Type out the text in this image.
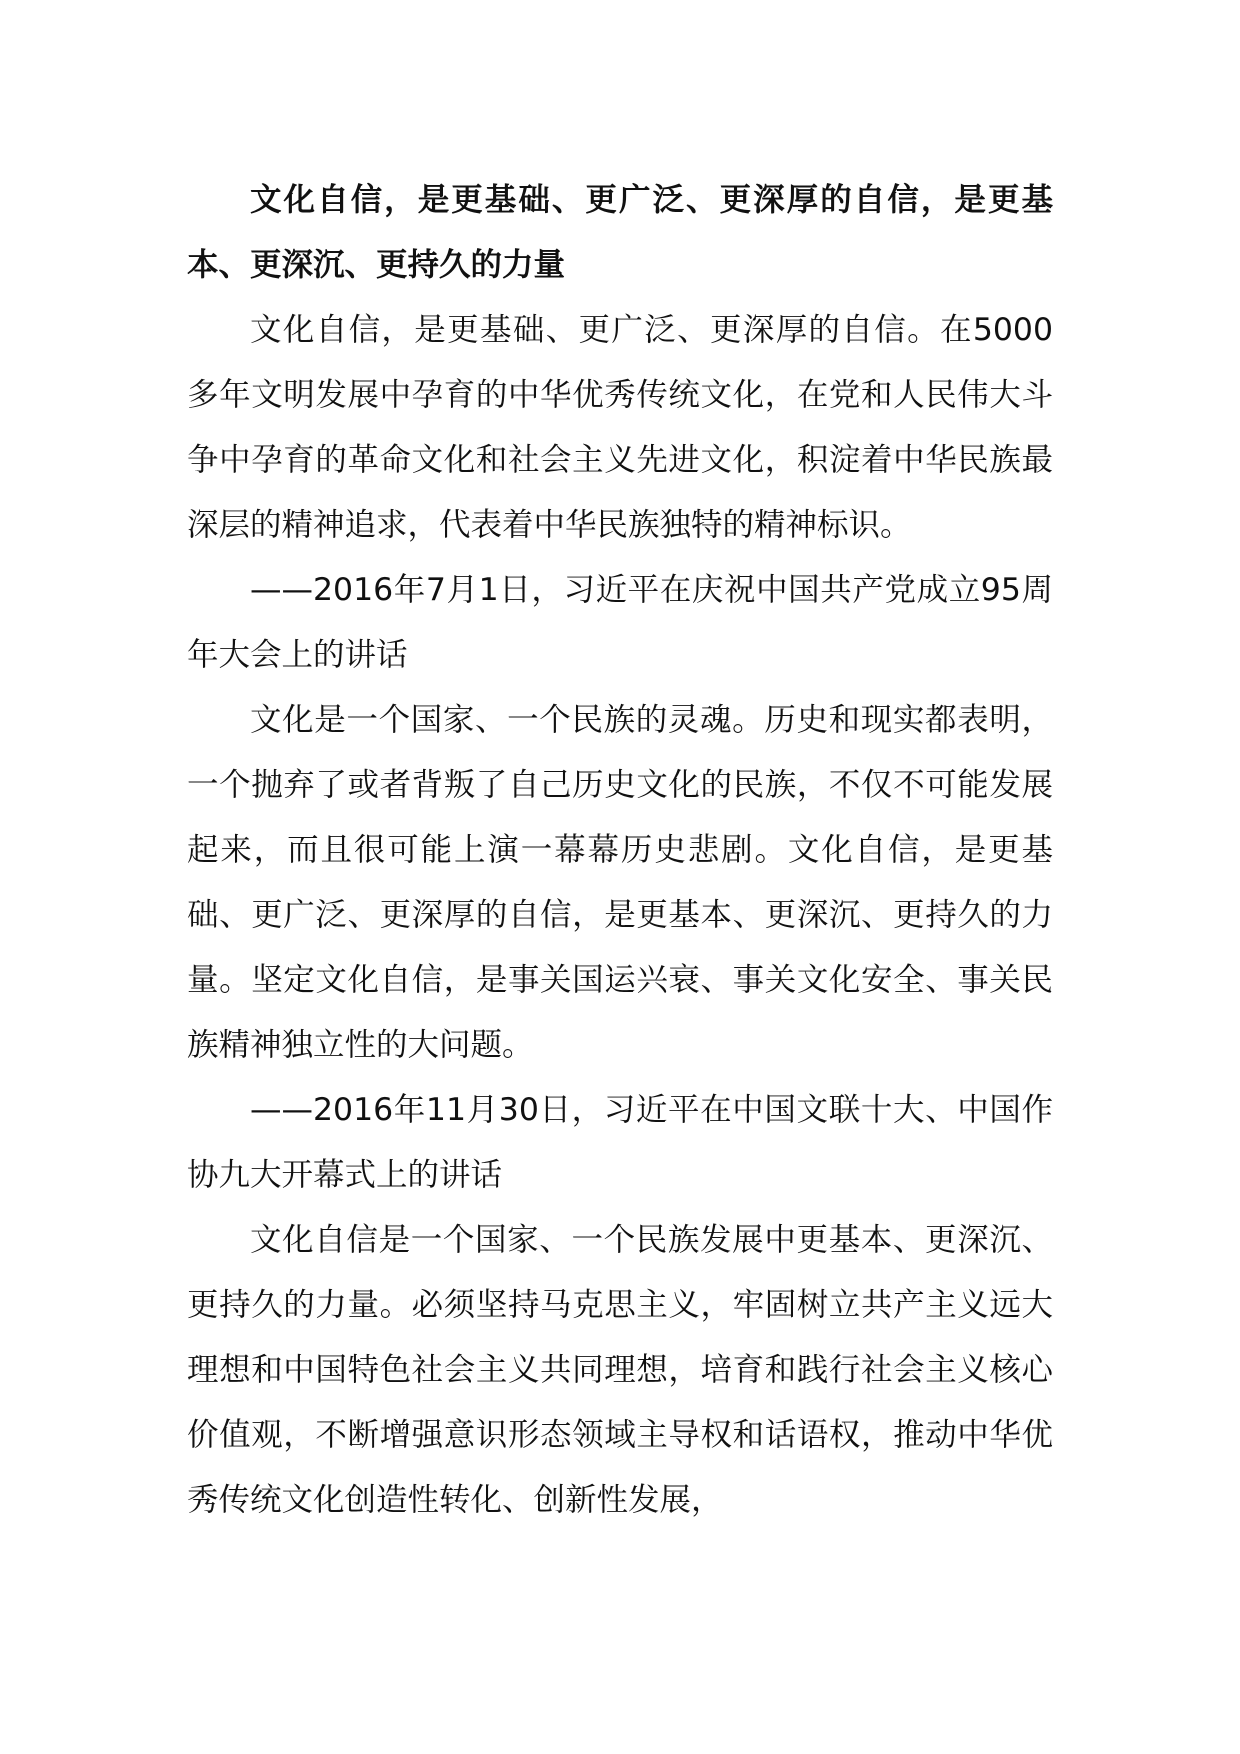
文化自信，是更基础、更广泛、更深厚的自信，是更基本、更深沉、更持久的力量

文化自信，是更基础、更广泛、更深厚的自信。在5000多年文明发展中孕育的中华优秀传统文化，在党和人民伟大斗争中孕育的革命文化和社会主义先进文化，积淀着中华民族最深层的精神追求，代表着中华民族独特的精神标识。

——2016年7月1日，习近平在庆祝中国共产党成立95周年大会上的讲话

文化是一个国家、一个民族的灵魂。历史和现实都表明，一个抛弃了或者背叛了自己历史文化的民族，不仅不可能发展起来，而且很可能上演一幕幕历史悲剧。文化自信，是更基础、更广泛、更深厚的自信，是更基本、更深沉、更持久的力量。坚定文化自信，是事关国运兴衰、事关文化安全、事关民族精神独立性的大问题。

——2016年11月30日，习近平在中国文联十大、中国作协九大开幕式上的讲话

文化自信是一个国家、一个民族发展中更基本、更深沉、更持久的力量。必须坚持马克思主义，牢固树立共产主义远大理想和中国特色社会主义共同理想，培育和践行社会主义核心价值观，不断增强意识形态领域主导权和话语权，推动中华优秀传统文化创造性转化、创新性发展，
